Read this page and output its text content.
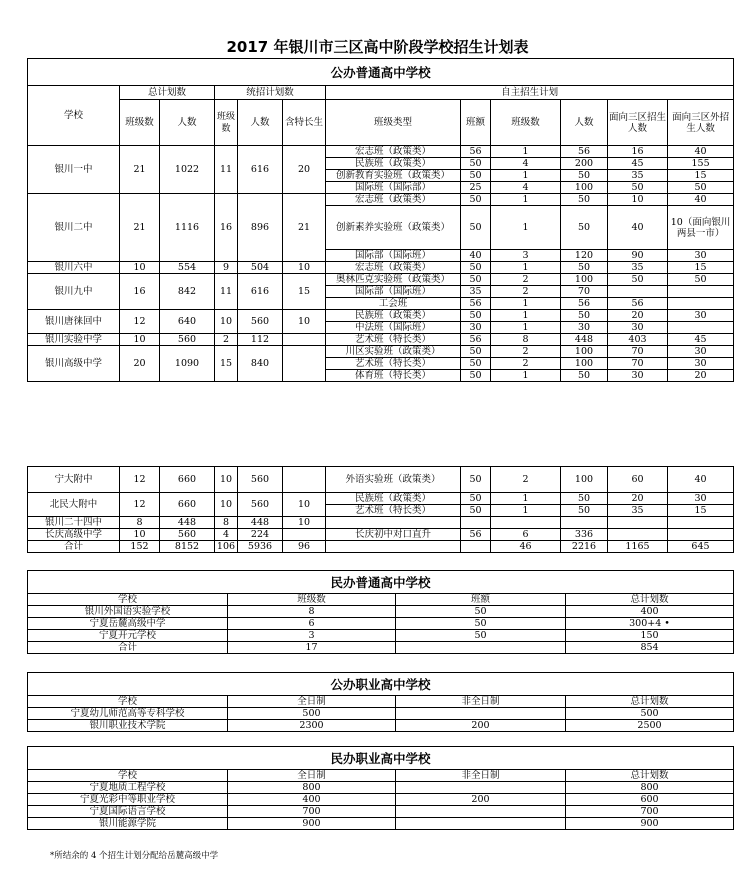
2017 年银川市三区高中阶段学校招生计划表
公办普通高中学校											
学校	总计划数		统招计划数			自主招生计划					
	班级数	人数	班级数	人数	含特长生	班级类型	班额	班级数	人数	面向三区招生人数	面向三区外招生人数
银川一中	21	1022	11	616	20	宏志班（政策类）	56	1	56	16	40
						民族班（政策类）	50	4	200	45	155
						创新教育实验班（政策类）	50	1	50	35	15
						国际班（国际部）	25	4	100	50	50
银川二中	21	1116	16	896	21	宏志班（政策类）	50	1	50	10	40
						创新素养实验班（政策类）	50	1	50	40	10（面向银川两县一市）
						国际部（国际班）	40	3	120	90	30
银川六中	10	554	9	504	10	宏志班（政策类）	50	1	50	35	15
银川九中	16	842	11	616	15	奥林匹克实验班（政策类）	50	2	100	50	50
						国际部（国际班）	35	2	70		
						工会班	56	1	56	56	
银川唐徕回中	12	640	10	560	10	民族班（政策类）	50	1	50	20	30
						中法班（国际班）	30	1	30	30	
银川实验中学	10	560	2	112		艺术班（特长类）	56	8	448	403	45
银川高级中学	20	1090	15	840		川区实验班（政策类）	50	2	100	70	30
						艺术班（特长类）	50	2	100	70	30
						体育班（特长类）	50	1	50	30	20
宁大附中	12	660	10	560		外语实验班（政策类）	50	2	100	60	40
北民大附中	12	660	10	560	10	民族班（政策类）	50	1	50	20	30
						艺术班（特长类）	50	1	50	35	15
银川二十四中	8	448	8	448	10						
长庆高级中学	10	560	4	224		长庆初中对口直升	56	6	336		
合计	152	8152	106	5936	96			46	2216	1165	645
民办普通高中学校			
学校	班级数	班额	总计划数
银川外国语实验学校	8	50	400
宁夏岳麓高级中学	6	50	300+4 •
宁夏开元学校	3	50	150
合计	17		854
公办职业高中学校			
学校	全日制	非全日制	总计划数
宁夏幼儿师范高等专科学校	500		500
银川职业技术学院	2300	200	2500
民办职业高中学校			
学校	全日制	非全日制	总计划数
宁夏地质工程学校	800		800
宁夏光彩中等职业学校	400	200	600
宁夏国际语言学校	700		700
银川能源学院	900		900
*所结余的 4 个招生计划分配给岳麓高级中学
